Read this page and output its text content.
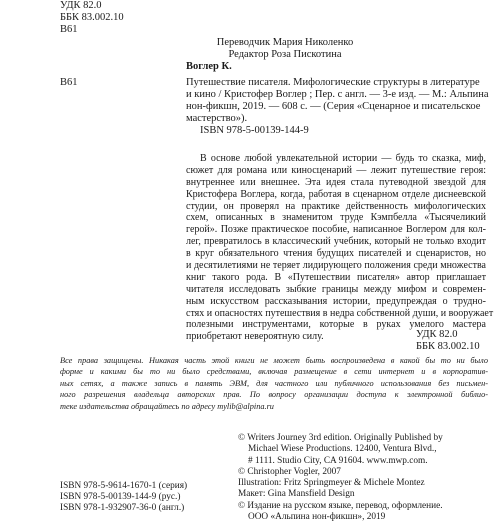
УДК 82.0
ББК 83.002.10
В61
Переводчик Мария Николенко
Редактор Роза Пискотина
Воглер К.
В61	Путешествие писателя. Мифологические структуры в литературе
и кино / Кристофер Воглер ; Пер. с англ. — 3-е изд. — М.: Альпина
нон-фикшн, 2019. — 608 с. — (Серия «Сценарное и писательское
мастерство»).
ISBN 978-5-00139-144-9
В основе любой увлекательной истории — будь то сказка, миф,
сюжет для романа или киносценарий — лежит путешествие героя:
внутреннее или внешнее. Эта идея стала путеводной звездой для
Кристофера Воглера, когда, работая в сценарном отделе диснеевской
студии, он проверял на практике действенность мифологических
схем, описанных в знаменитом труде Кэмпбелла «Тысячеликий
герой». Позже практическое пособие, написанное Воглером для кол-
лег, превратилось в классический учебник, который не только входит
в круг обязательного чтения будущих писателей и сценаристов, но
и десятилетиями не теряет лидирующего положения среди множества
книг такого рода. В «Путешествии писателя» автор приглашает
читателя исследовать зыбкие границы между мифом и современ-
ным искусством рассказывания истории, предупреждая о трудно-
стях и опасностях путешествия в недра собственной души, и вооружает
полезными инструментами, которые в руках умелого мастера
приобретают невероятную силу.	УДК 82.0
ББК 83.002.10
Все права защищены. Никакая часть этой книги не может быть воспроизведена в какой бы то ни было
форме и какими бы то ни было средствами, включая размещение в сети интернет и в корпоратив-
ных сетях, а также запись в память ЭВМ, для частного или публичного использования без письмен-
ного разрешения владельца авторских прав. По вопросу организации доступа к электронной библио-
теке издательства обращайтесь по адресу mylib@alpina.ru
© Writers Journey 3rd edition. Originally Published by
Michael Wiese Productions. 12400, Ventura Blvd.,
# 1111. Studio City, CA 91604. www.mwp.com.
© Christopher Vogler, 2007
Illustration: Fritz Springmeyer & Michele Montez
Макет: Gina Mansfield Design
© Издание на русском языке, перевод, оформление.
ООО «Альпина нон-фикшн», 2019
ISBN 978-5-9614-1670-1 (серия)
ISBN 978-5-00139-144-9 (рус.)
ISBN 978-1-932907-36-0 (англ.)
